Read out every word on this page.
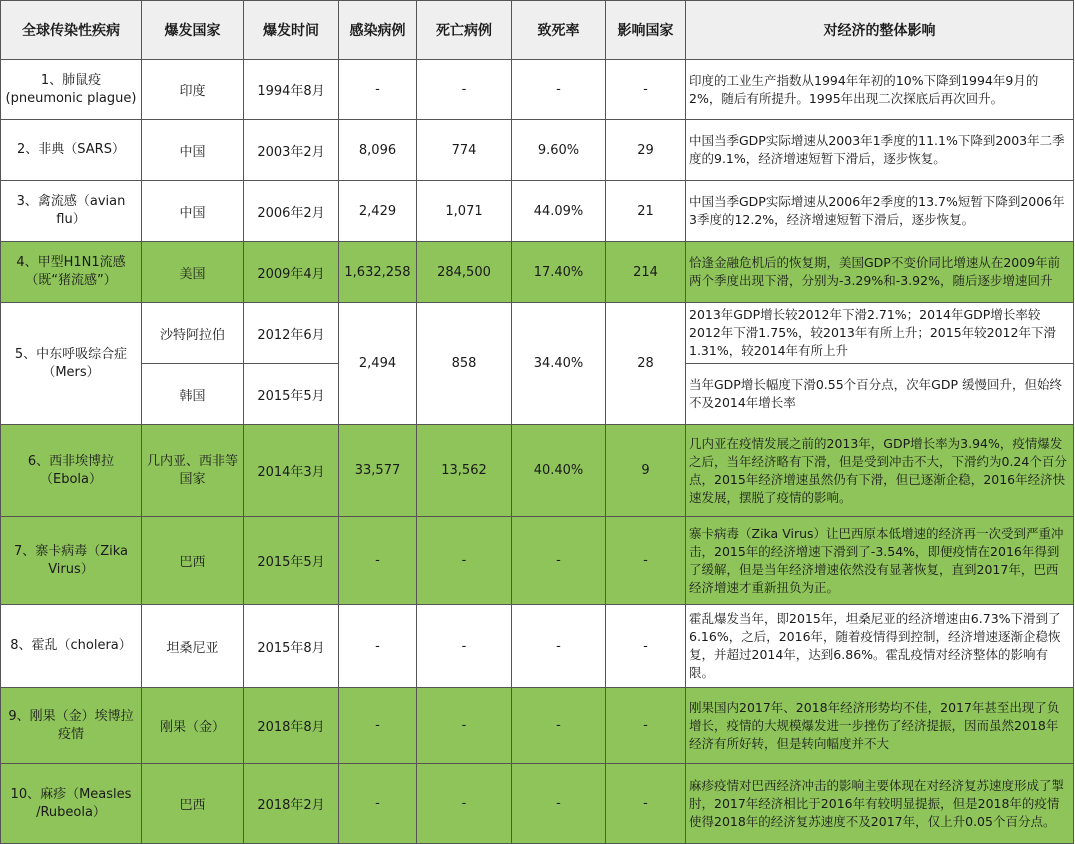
全球传染性疾病	爆发国家	爆发时间	感染病例	死亡病例	致死率	影响国家	对经济的整体影响
1、肺鼠疫(pneumonic plague)	印度	1994年8月	-	-	-	-	印度的工业生产指数从1994年年初的10%下降到1994年9月的2%，随后有所提升。1995年出现二次探底后再次回升。
2、非典（SARS）	中国	2003年2月	8,096	774	9.60%	29	中国当季GDP实际增速从2003年1季度的11.1%下降到2003年二季度的9.1%，经济增速短暂下滑后，逐步恢复。
3、禽流感（avian flu）	中国	2006年2月	2,429	1,071	44.09%	21	中国当季GDP实际增速从2006年2季度的13.7%短暂下降到2006年3季度的12.2%，经济增速短暂下滑后，逐步恢复。
4、甲型H1N1流感（既“猪流感”）	美国	2009年4月	1,632,258	284,500	17.40%	214	恰逢金融危机后的恢复期，美国GDP不变价同比增速从在2009年前两个季度出现下滑，分别为-3.29%和-3.92%，随后逐步增速回升
5、中东呼吸综合症（Mers）	沙特阿拉伯	2012年6月	2,494	858	34.40%	28	2013年GDP增长较2012年下滑2.71%；2014年GDP增长率较2012年下滑1.75%，较2013年有所上升；2015年较2012年下滑1.31%，较2014年有所上升
	韩国	2015年5月					当年GDP增长幅度下滑0.55个百分点，次年GDP 缓慢回升，但始终不及2014年增长率
6、西非埃博拉（Ebola）	几内亚、西非等国家	2014年3月	33,577	13,562	40.40%	9	几内亚在疫情发展之前的2013年，GDP增长率为3.94%，疫情爆发之后，当年经济略有下滑，但是受到冲击不大，下滑约为0.24个百分点，2015年经济增速虽然仍有下滑，但已逐渐企稳，2016年经济快速发展，摆脱了疫情的影响。
7、寨卡病毒（Zika Virus）	巴西	2015年5月	-	-	-	-	寨卡病毒（Zika Virus）让巴西原本低增速的经济再一次受到严重冲击，2015年的经济增速下滑到了-3.54%，即便疫情在2016年得到了缓解，但是当年经济增速依然没有显著恢复，直到2017年，巴西经济增速才重新扭负为正。
8、霍乱（cholera）	坦桑尼亚	2015年8月	-	-	-	-	霍乱爆发当年，即2015年，坦桑尼亚的经济增速由6.73%下滑到了6.16%，之后，2016年，随着疫情得到控制，经济增速逐渐企稳恢复，并超过2014年，达到6.86%。霍乱疫情对经济整体的影响有限。
9、刚果（金）埃博拉疫情	刚果（金）	2018年8月	-	-	-	-	刚果国内2017年、2018年经济形势均不佳，2017年甚至出现了负增长，疫情的大规模爆发进一步挫伤了经济提振，因而虽然2018年经济有所好转，但是转向幅度并不大
10、麻疹（Measles /Rubeola）	巴西	2018年2月	-	-	-	-	麻疹疫情对巴西经济冲击的影响主要体现在对经济复苏速度形成了掣肘，2017年经济相比于2016年有较明显提振，但是2018年的疫情使得2018年的经济复苏速度不及2017年，仅上升0.05个百分点。
